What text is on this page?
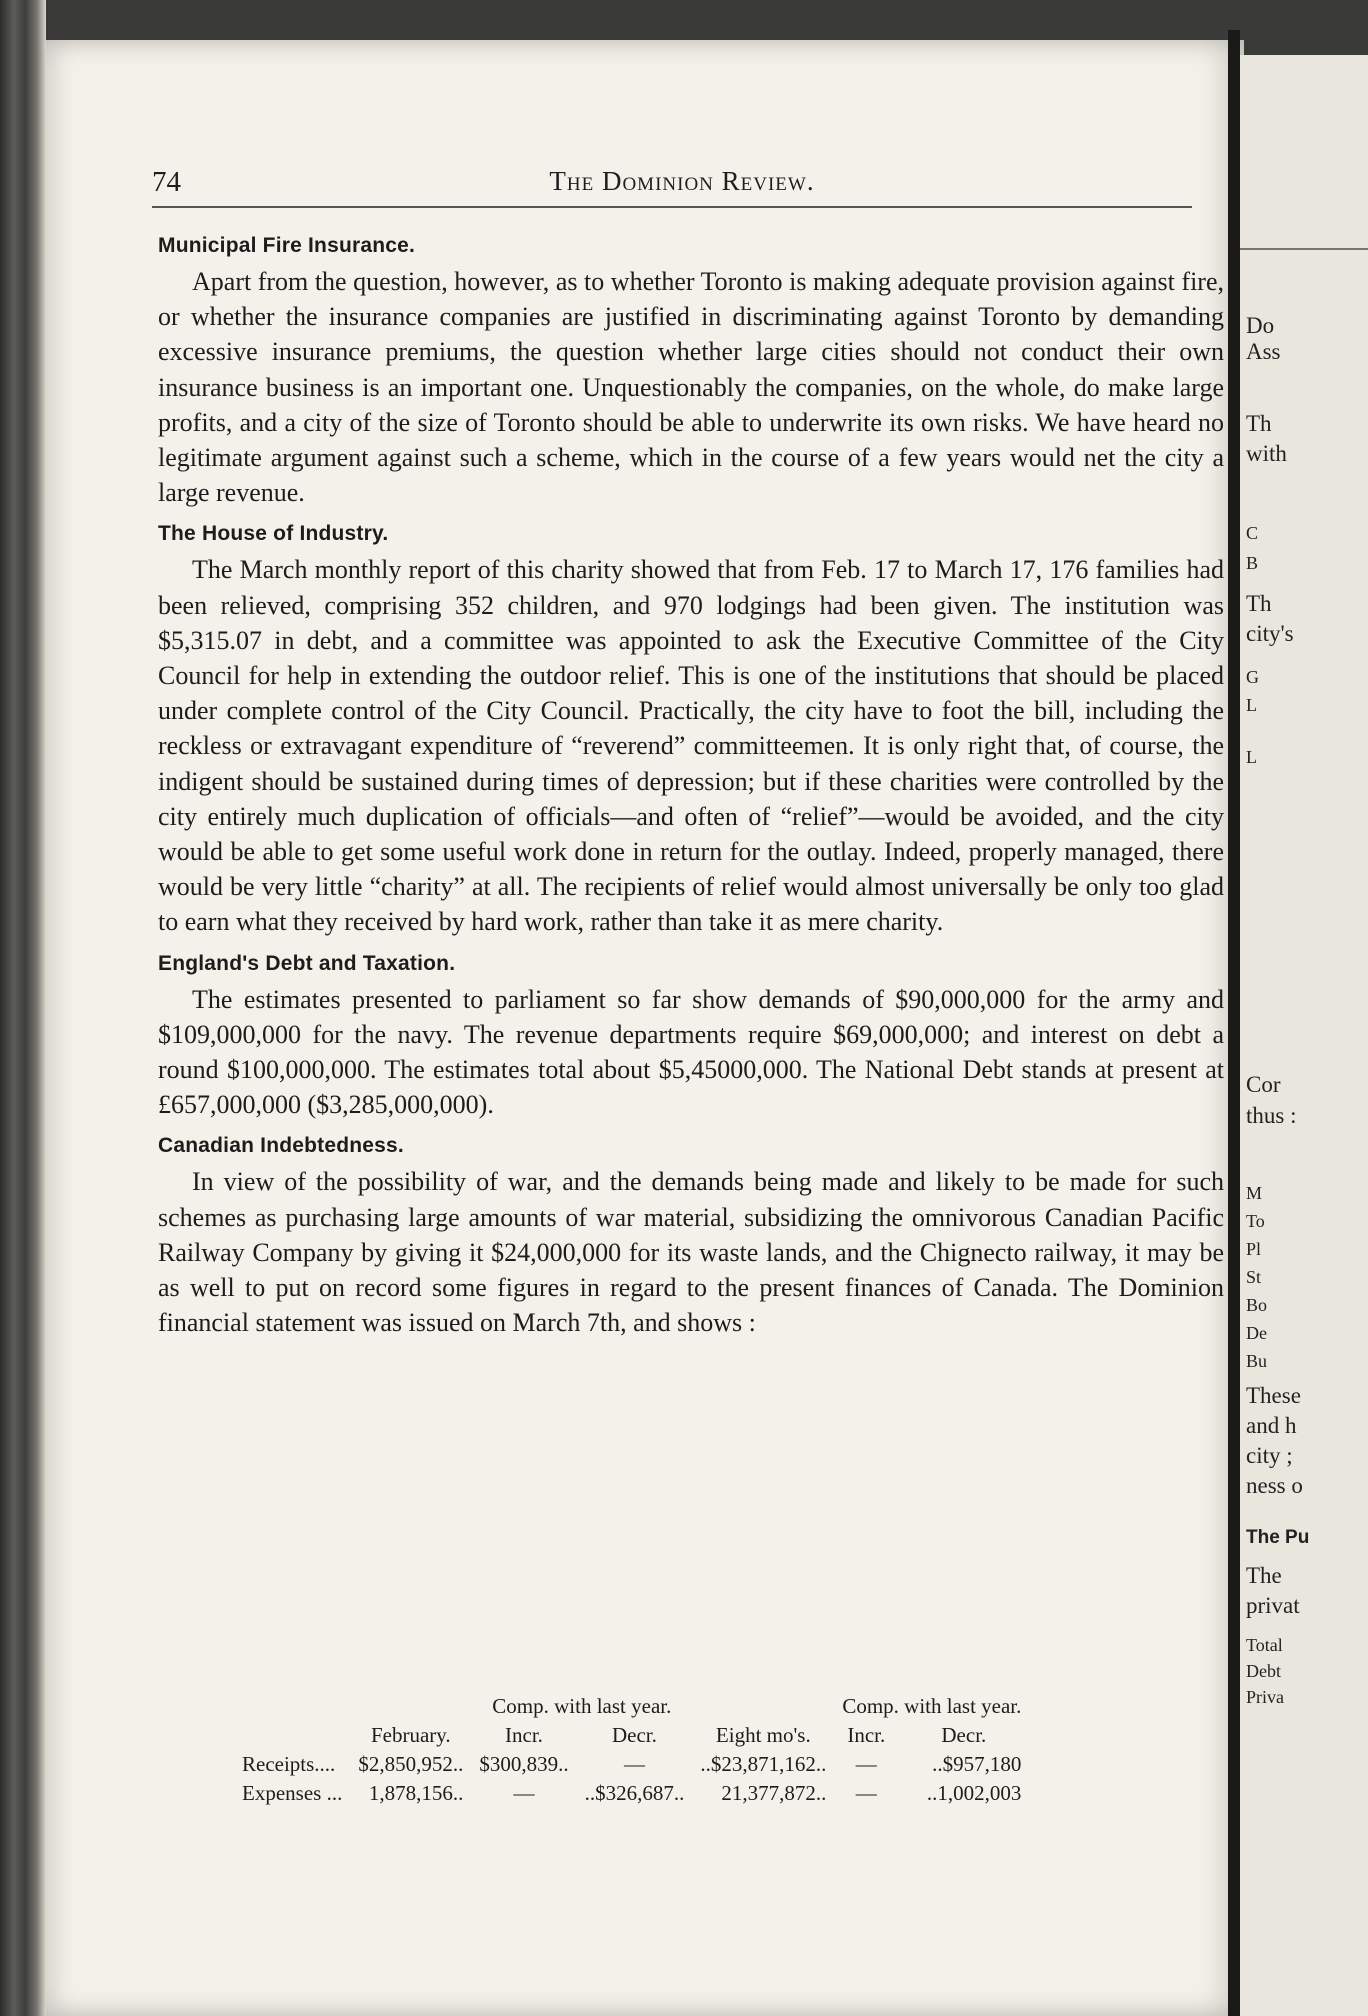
74	The Dominion Review.
Municipal Fire Insurance.

Apart from the question, however, as to whether Toronto is making adequate provision against fire, or whether the insurance companies are justified in discriminating against Toronto by demanding excessive insurance premiums, the question whether large cities should not conduct their own insurance business is an important one. Unquestionably the companies, on the whole, do make large profits, and a city of the size of Toronto should be able to underwrite its own risks. We have heard no legitimate argument against such a scheme, which in the course of a few years would net the city a large revenue.

The House of Industry.

The March monthly report of this charity showed that from Feb. 17 to March 17, 176 families had been relieved, comprising 352 children, and 970 lodgings had been given. The institution was $5,315.07 in debt, and a committee was appointed to ask the Executive Committee of the City Council for help in extending the outdoor relief. This is one of the institutions that should be placed under complete control of the City Council. Practically, the city have to foot the bill, including the reckless or extravagant expenditure of “reverend” committeemen. It is only right that, of course, the indigent should be sustained during times of depression; but if these charities were controlled by the city entirely much duplication of officials—and often of “relief”—would be avoided, and the city would be able to get some useful work done in return for the outlay. Indeed, properly managed, there would be very little “charity” at all. The recipients of relief would almost universally be only too glad to earn what they received by hard work, rather than take it as mere charity.

England's Debt and Taxation.

The estimates presented to parliament so far show demands of $90,000,000 for the army and $109,000,000 for the navy. The revenue departments require $69,000,000; and interest on debt a round $100,000,000. The estimates total about $5,45000,000. The National Debt stands at present at £657,000,000 ($3,285,000,000).

Canadian Indebtedness.

In view of the possibility of war, and the demands being made and likely to be made for such schemes as purchasing large amounts of war material, subsidizing the omnivorous Canadian Pacific Railway Company by giving it $24,000,000 for its waste lands, and the Chignecto railway, it may be as well to put on record some figures in regard to the present finances of Canada. The Dominion financial statement was issued on March 7th, and shows :

		Comp. with last year.			Comp. with last year.	
	February.	Incr.	Decr.	Eight mo's.	Incr.	Decr.
Receipts....	$2,850,952..	$300,839..	—	..$23,871,162..	—	..$957,180
Expenses ...	1,878,156..	—	..$326,687..	21,377,872..	—	..1,002,003
Do
Ass
Th
with
C
B
Th
city's
G
L
L
Cor
thus :
M
To
Pl
St
Bo
De
Bu
These
and h
city ;
ness o
The Pu
The
privat
Total
Debt
Priva
